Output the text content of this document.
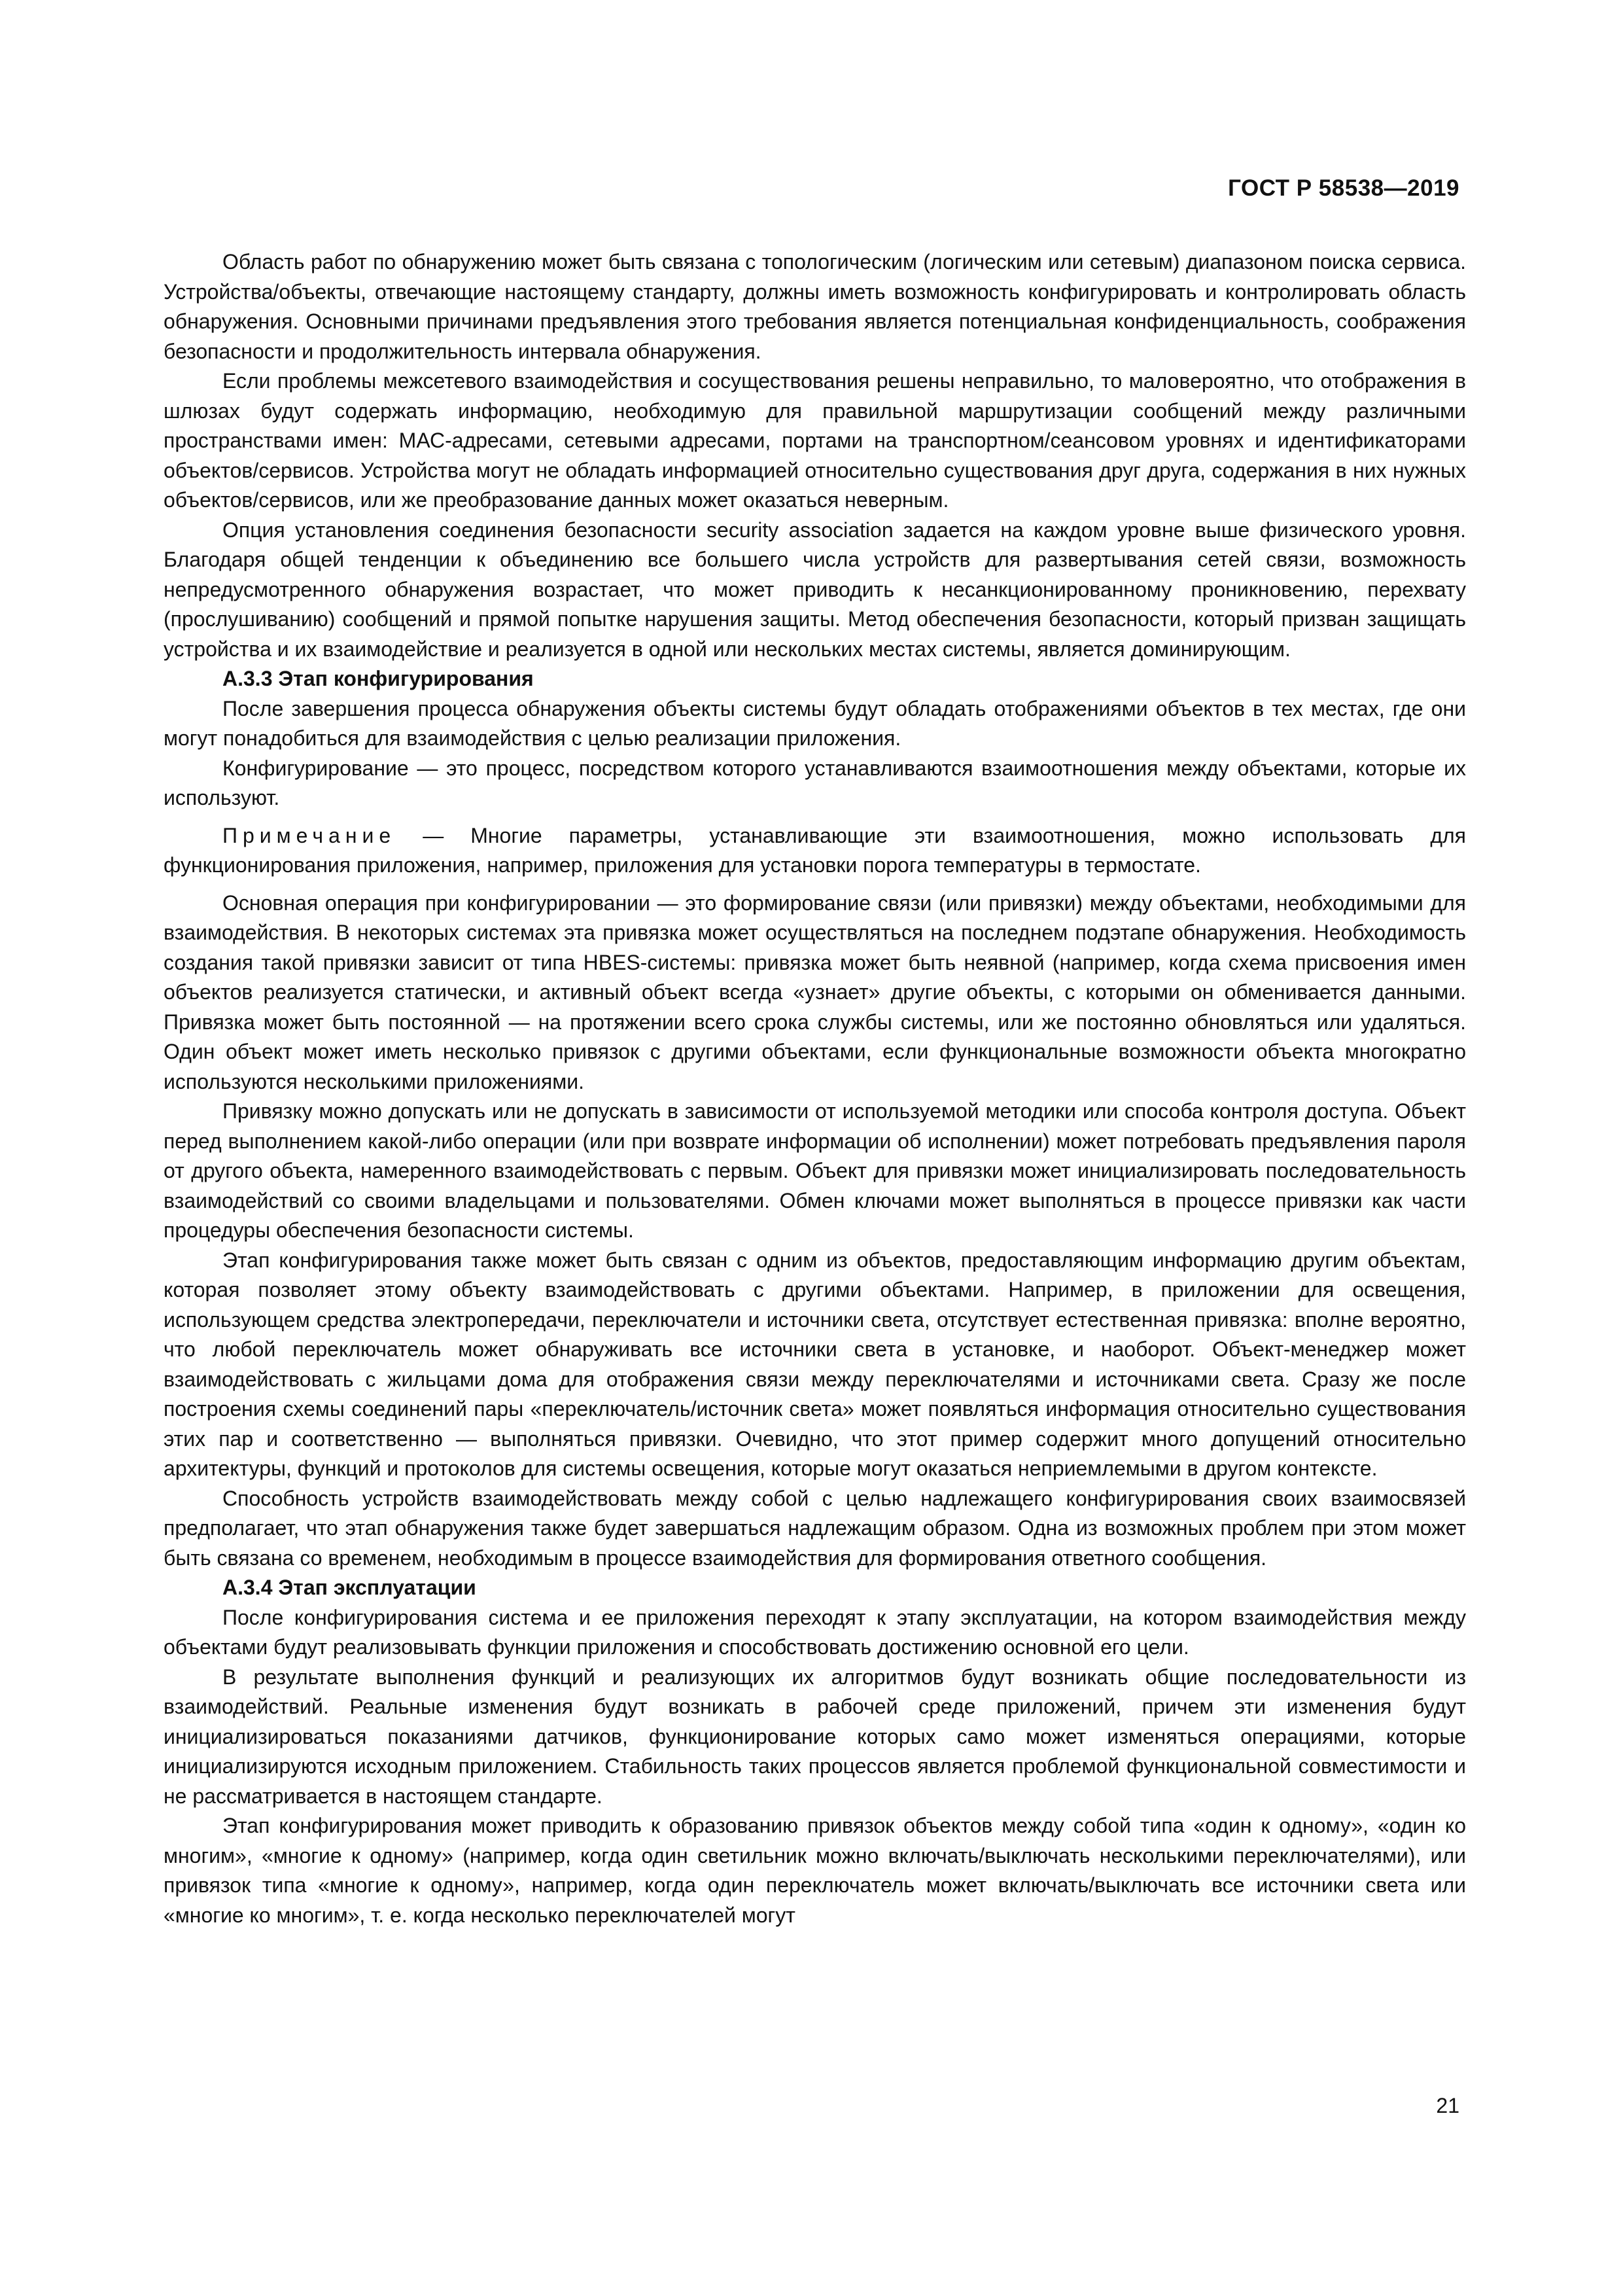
ГОСТ Р 58538—2019

Область работ по обнаружению может быть связана с топологическим (логическим или сетевым) диапазоном поиска сервиса. Устройства/объекты, отвечающие настоящему стандарту, должны иметь возможность конфигурировать и контролировать область обнаружения. Основными причинами предъявления этого требования является потенциальная конфиденциальность, соображения безопасности и продолжительность интервала обнаружения.

Если проблемы межсетевого взаимодействия и сосуществования решены неправильно, то маловероятно, что отображения в шлюзах будут содержать информацию, необходимую для правильной маршрутизации сообщений между различными пространствами имен: МАС-адресами, сетевыми адресами, портами на транспортном/сеансовом уровнях и идентификаторами объектов/сервисов. Устройства могут не обладать информацией относительно существования друг друга, содержания в них нужных объектов/сервисов, или же преобразование данных может оказаться неверным.

Опция установления соединения безопасности security association задается на каждом уровне выше физического уровня. Благодаря общей тенденции к объединению все большего числа устройств для развертывания сетей связи, возможность непредусмотренного обнаружения возрастает, что может приводить к несанкционированному проникновению, перехвату (прослушиванию) сообщений и прямой попытке нарушения защиты. Метод обеспечения безопасности, который призван защищать устройства и их взаимодействие и реализуется в одной или нескольких местах системы, является доминирующим.

А.3.3 Этап конфигурирования

После завершения процесса обнаружения объекты системы будут обладать отображениями объектов в тех местах, где они могут понадобиться для взаимодействия с целью реализации приложения.

Конфигурирование — это процесс, посредством которого устанавливаются взаимоотношения между объектами, которые их используют.

Примечание — Многие параметры, устанавливающие эти взаимоотношения, можно использовать для функционирования приложения, например, приложения для установки порога температуры в термостате.

Основная операция при конфигурировании — это формирование связи (или привязки) между объектами, необходимыми для взаимодействия. В некоторых системах эта привязка может осуществляться на последнем подэтапе обнаружения. Необходимость создания такой привязки зависит от типа HBES-системы: привязка может быть неявной (например, когда схема присвоения имен объектов реализуется статически, и активный объект всегда «узнает» другие объекты, с которыми он обменивается данными. Привязка может быть постоянной — на протяжении всего срока службы системы, или же постоянно обновляться или удаляться. Один объект может иметь несколько привязок с другими объектами, если функциональные возможности объекта многократно используются несколькими приложениями.

Привязку можно допускать или не допускать в зависимости от используемой методики или способа контроля доступа. Объект перед выполнением какой-либо операции (или при возврате информации об исполнении) может потребовать предъявления пароля от другого объекта, намеренного взаимодействовать с первым. Объект для привязки может инициализировать последовательность взаимодействий со своими владельцами и пользователями. Обмен ключами может выполняться в процессе привязки как части процедуры обеспечения безопасности системы.

Этап конфигурирования также может быть связан с одним из объектов, предоставляющим информацию другим объектам, которая позволяет этому объекту взаимодействовать с другими объектами. Например, в приложении для освещения, использующем средства электропередачи, переключатели и источники света, отсутствует естественная привязка: вполне вероятно, что любой переключатель может обнаруживать все источники света в установке, и наоборот. Объект-менеджер может взаимодействовать с жильцами дома для отображения связи между переключателями и источниками света. Сразу же после построения схемы соединений пары «переключатель/источник света» может появляться информация относительно существования этих пар и соответственно — выполняться привязки. Очевидно, что этот пример содержит много допущений относительно архитектуры, функций и протоколов для системы освещения, которые могут оказаться неприемлемыми в другом контексте.

Способность устройств взаимодействовать между собой с целью надлежащего конфигурирования своих взаимосвязей предполагает, что этап обнаружения также будет завершаться надлежащим образом. Одна из возможных проблем при этом может быть связана со временем, необходимым в процессе взаимодействия для формирования ответного сообщения.

А.3.4 Этап эксплуатации

После конфигурирования система и ее приложения переходят к этапу эксплуатации, на котором взаимодействия между объектами будут реализовывать функции приложения и способствовать достижению основной его цели.

В результате выполнения функций и реализующих их алгоритмов будут возникать общие последовательности из взаимодействий. Реальные изменения будут возникать в рабочей среде приложений, причем эти изменения будут инициализироваться показаниями датчиков, функционирование которых само может изменяться операциями, которые инициализируются исходным приложением. Стабильность таких процессов является проблемой функциональной совместимости и не рассматривается в настоящем стандарте.

Этап конфигурирования может приводить к образованию привязок объектов между собой типа «один к одному», «один ко многим», «многие к одному» (например, когда один светильник можно включать/выключать несколькими переключателями), или привязок типа «многие к одному», например, когда один переключатель может включать/выключать все источники света или «многие ко многим», т. е. когда несколько переключателей могут

21
